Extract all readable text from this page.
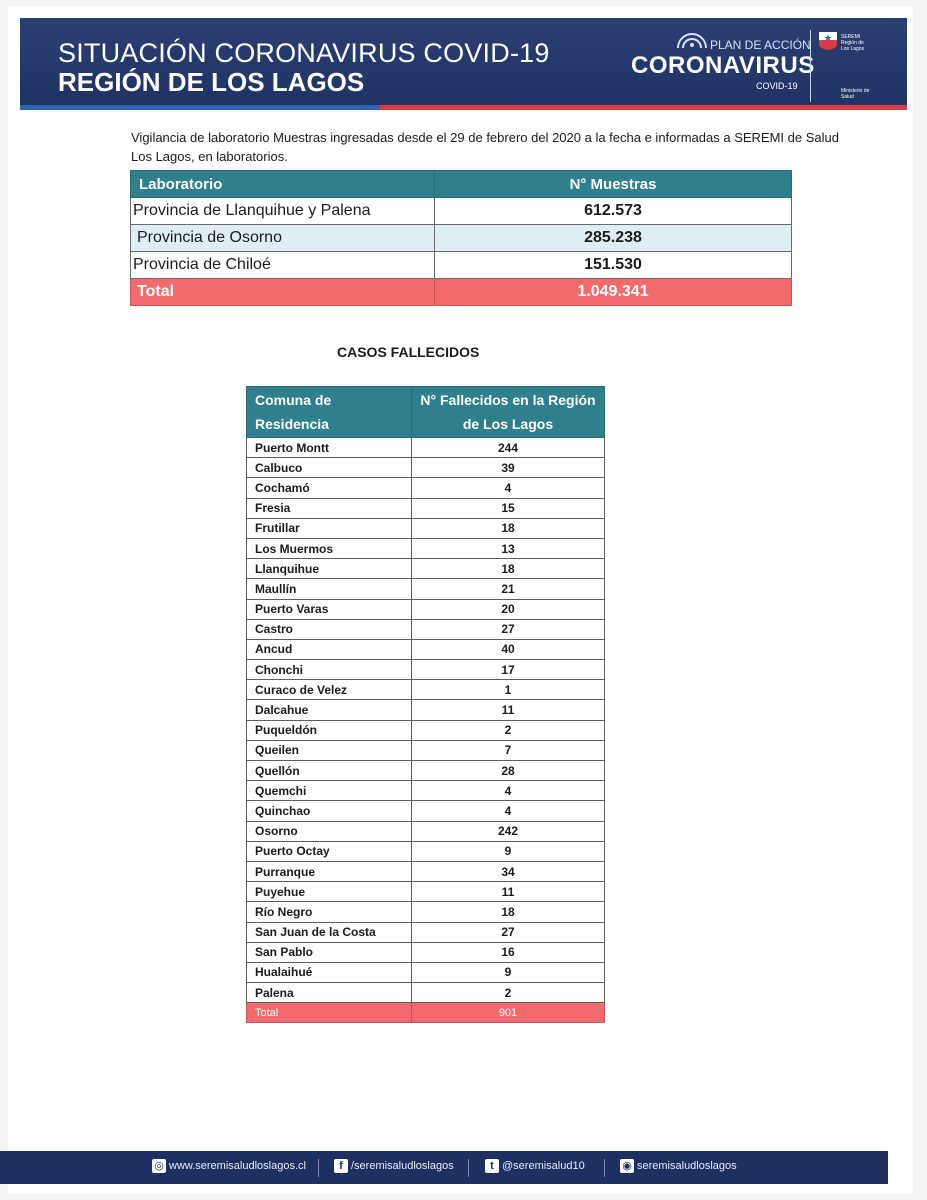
SITUACIÓN CORONAVIRUS COVID-19
REGIÓN DE LOS LAGOS
PLAN DE ACCIÓN
CORONAVIRUS
COVID-19
SEREMI Región de Los Lagos
Ministerio de Salud
Vigilancia de laboratorio Muestras ingresadas desde el 29 de febrero del 2020 a la fecha e informadas a SEREMI de Salud Los Lagos, en laboratorios.
Laboratorio	N° Muestras
Provincia de Llanquihue y Palena	612.573
Provincia de Osorno	285.238
Provincia de Chiloé	151.530
Total	1.049.341
CASOS FALLECIDOS
Comuna de Residencia	N° Fallecidos en la Región de Los Lagos
Puerto Montt	244
Calbuco	39
Cochamó	4
Fresia	15
Frutillar	18
Los Muermos	13
Llanquihue	18
Maullín	21
Puerto Varas	20
Castro	27
Ancud	40
Chonchi	17
Curaco de Velez	1
Dalcahue	11
Puqueldón	2
Queilen	7
Quellón	28
Quemchi	4
Quinchao	4
Osorno	242
Puerto Octay	9
Purranque	34
Puyehue	11
Río Negro	18
San Juan de la Costa	27
San Pablo	16
Hualaihué	9
Palena	2
Total	901
◎ www.seremisaludloslagos.cl	f /seremisaludloslagos	t @seremisalud10	◉ seremisaludloslagos
